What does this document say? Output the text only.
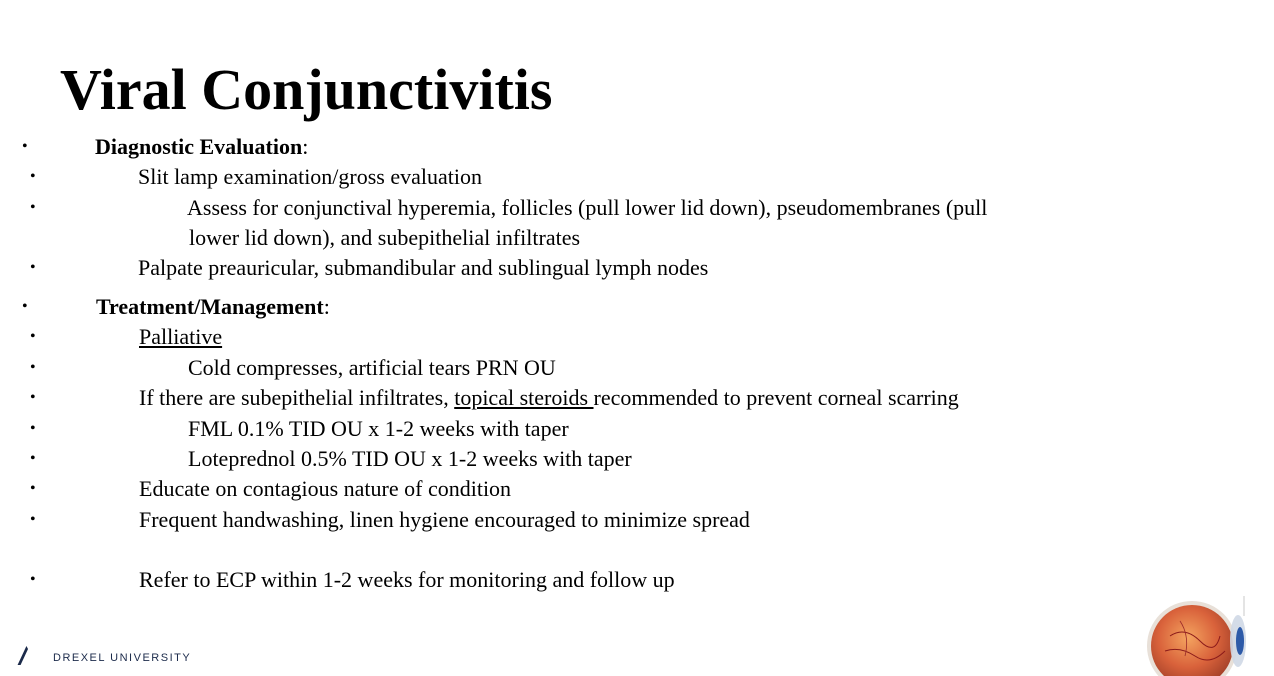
Viral Conjunctivitis
•	Diagnostic Evaluation:
•	Slit lamp examination/gross evaluation
•	Assess for conjunctival hyperemia, follicles (pull lower lid down), pseudomembranes (pull
lower lid down), and subepithelial infiltrates
•	Palpate preauricular, submandibular and sublingual lymph nodes
•	Treatment/Management:
•	Palliative
•	Cold compresses, artificial tears PRN OU
•	If there are subepithelial infiltrates, topical steroids recommended to prevent corneal scarring
•	FML 0.1% TID OU x 1-2 weeks with taper
•	Loteprednol 0.5% TID OU x 1-2 weeks with taper
•	Educate on contagious nature of condition
•	Frequent handwashing, linen hygiene encouraged to minimize spread
•	Refer to ECP within 1-2 weeks for monitoring and follow up
DREXEL UNIVERSITY
